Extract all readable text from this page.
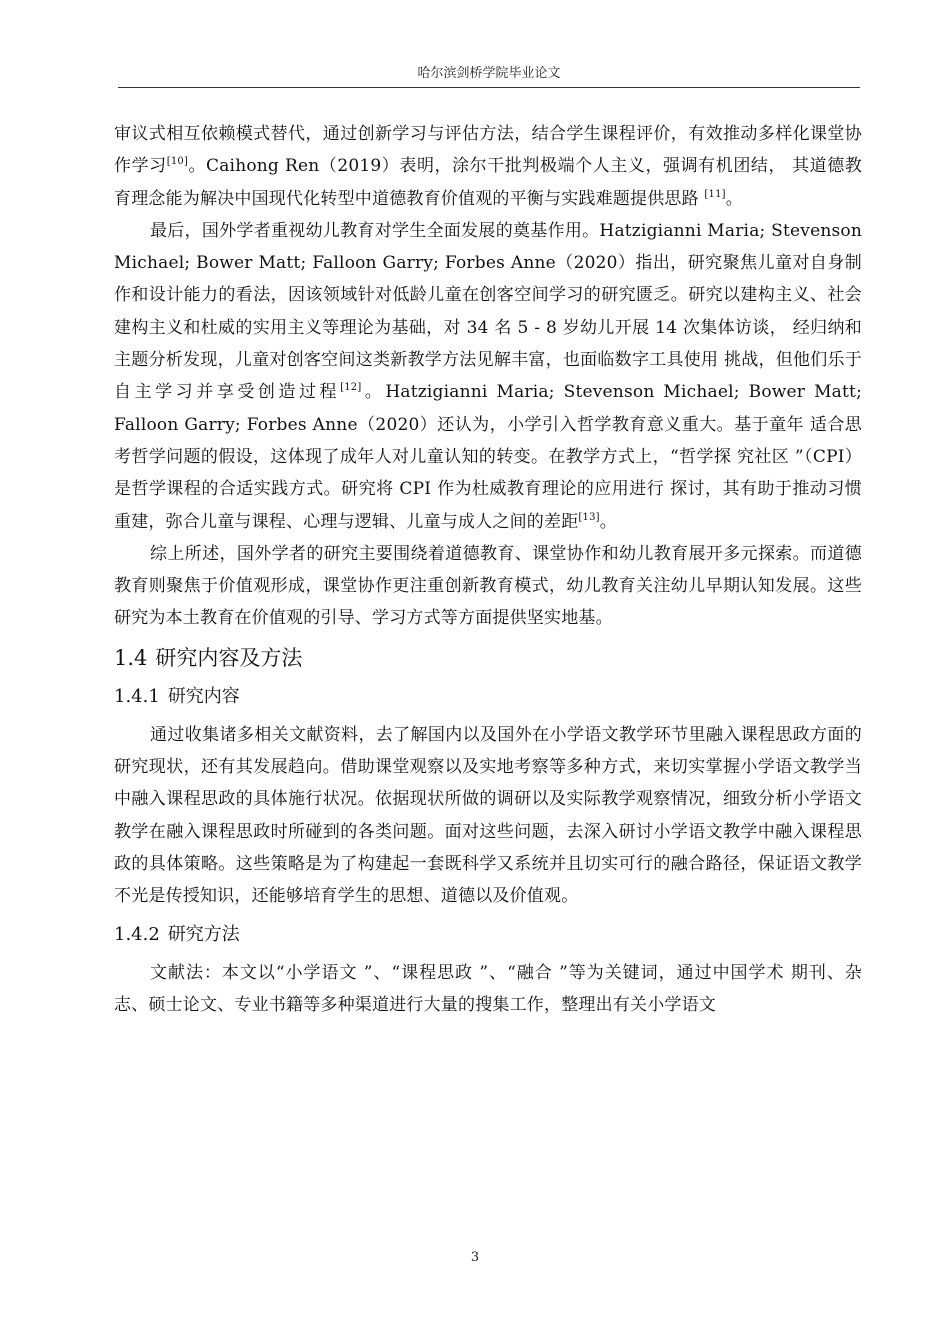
哈尔滨剑桥学院毕业论文

审议式相互依赖模式替代，通过创新学习与评估方法，结合学生课程评价，有效推动多样化课堂协作学习[10]。Caihong Ren（2019）表明，涂尔干批判极端个人主义，强调有机团结， 其道德教育理念能为解决中国现代化转型中道德教育价值观的平衡与实践难题提供思路 [11]。

最后，国外学者重视幼儿教育对学生全面发展的奠基作用。Hatzigianni Maria; Stevenson Michael; Bower Matt; Falloon Garry; Forbes Anne（2020）指出，研究聚焦儿童对自身制作和设计能力的看法，因该领域针对低龄儿童在创客空间学习的研究匮乏。研究以建构主义、社会建构主义和杜威的实用主义等理论为基础，对 34 名 5 - 8 岁幼儿开展 14 次集体访谈， 经归纳和主题分析发现，儿童对创客空间这类新教学方法见解丰富，也面临数字工具使用 挑战，但他们乐于自主学习并享受创造过程[12]。Hatzigianni Maria; Stevenson Michael; Bower Matt; Falloon Garry; Forbes Anne（2020）还认为，小学引入哲学教育意义重大。基于童年 适合思考哲学问题的假设，这体现了成年人对儿童认知的转变。在教学方式上，“哲学探 究社区 ”（CPI）是哲学课程的合适实践方式。研究将 CPI 作为杜威教育理论的应用进行 探讨，其有助于推动习惯重建，弥合儿童与课程、心理与逻辑、儿童与成人之间的差距[13]。

综上所述，国外学者的研究主要围绕着道德教育、课堂协作和幼儿教育展开多元探索。而道德教育则聚焦于价值观形成，课堂协作更注重创新教育模式，幼儿教育关注幼儿早期认知发展。这些研究为本土教育在价值观的引导、学习方式等方面提供坚实地基。

1.4 研究内容及方法
1.4.1 研究内容

通过收集诸多相关文献资料，去了解国内以及国外在小学语文教学环节里融入课程思政方面的研究现状，还有其发展趋向。借助课堂观察以及实地考察等多种方式，来切实掌握小学语文教学当中融入课程思政的具体施行状况。依据现状所做的调研以及实际教学观察情况，细致分析小学语文教学在融入课程思政时所碰到的各类问题。面对这些问题，去深入研讨小学语文教学中融入课程思政的具体策略。这些策略是为了构建起一套既科学又系统并且切实可行的融合路径，保证语文教学不光是传授知识，还能够培育学生的思想、道德以及价值观。

1.4.2 研究方法

文献法：本文以“小学语文 ”、“课程思政 ”、“融合 ”等为关键词，通过中国学术 期刊、杂志、硕士论文、专业书籍等多种渠道进行大量的搜集工作，整理出有关小学语文

3
